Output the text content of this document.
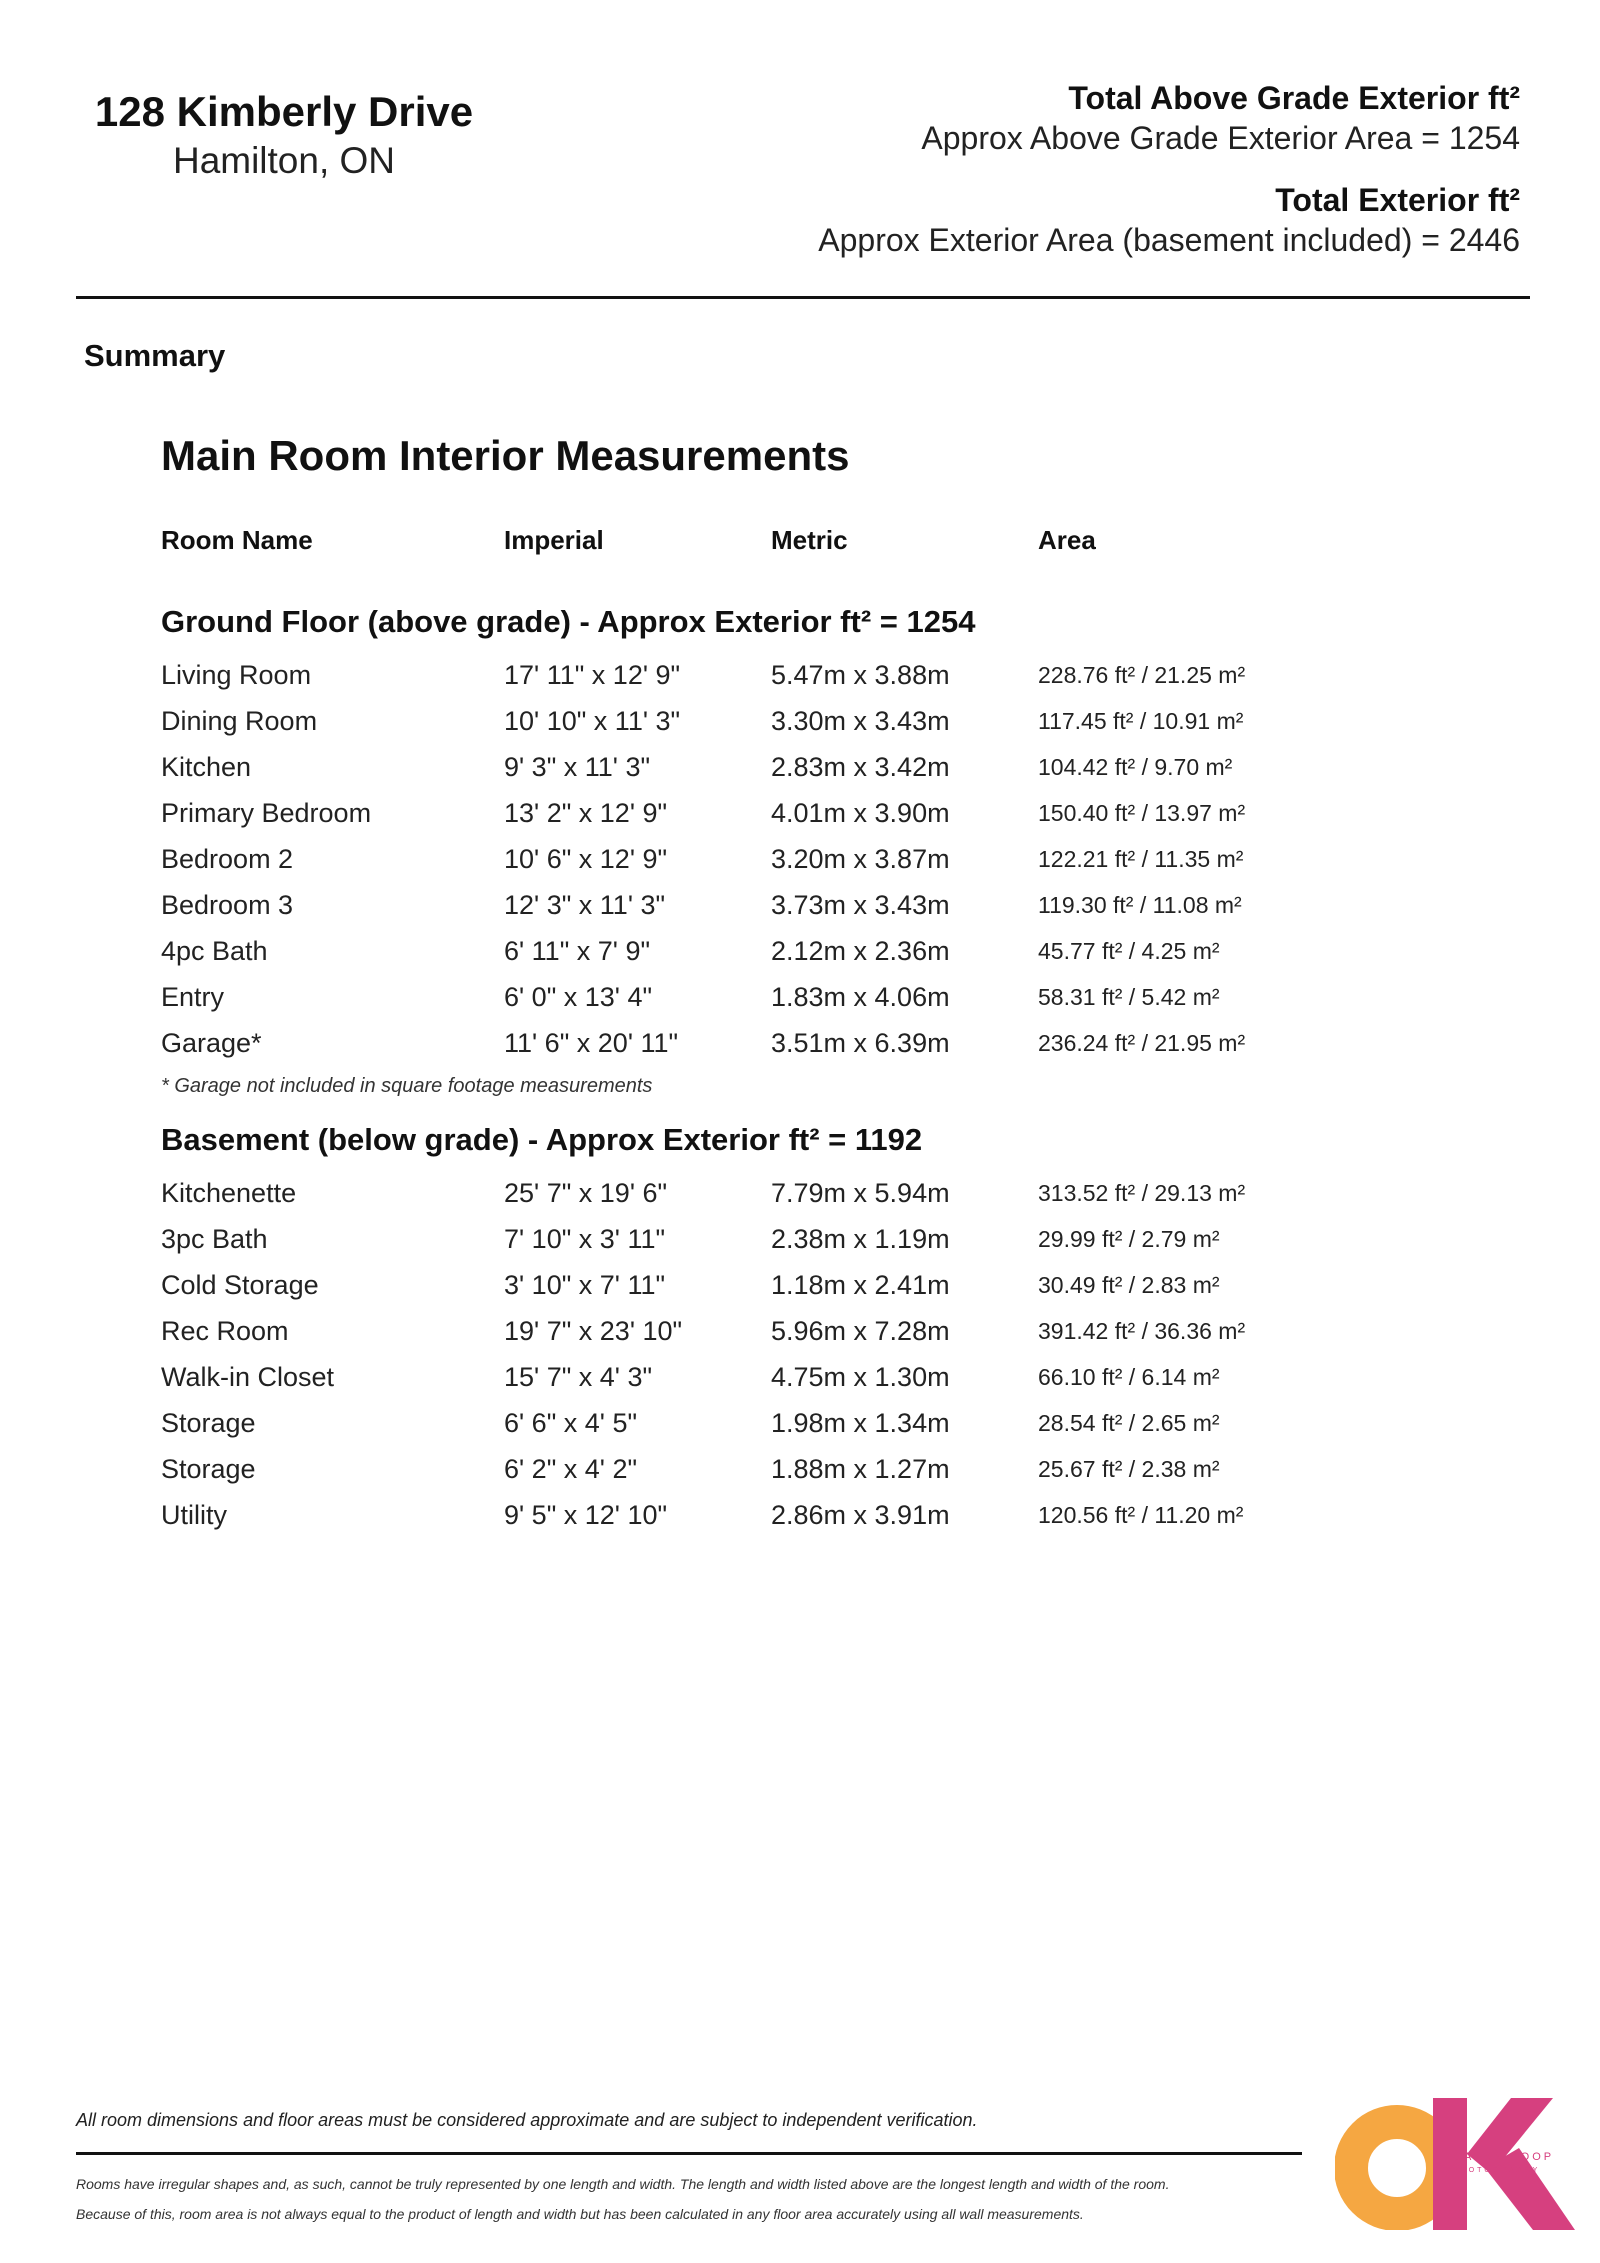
128 Kimberly Drive
Hamilton, ON
Total Above Grade Exterior ft²
Approx Above Grade Exterior Area = 1254
Total Exterior ft²
Approx Exterior Area (basement included) = 2446
Summary
Main Room Interior Measurements
Room Name	Imperial	Metric	Area
Ground Floor (above grade) - Approx Exterior ft² = 1254
Living Room	17' 11" x 12' 9"	5.47m x 3.88m	228.76 ft² / 21.25 m²
Dining Room	10' 10" x 11' 3"	3.30m x 3.43m	117.45 ft² / 10.91 m²
Kitchen	9' 3" x 11' 3"	2.83m x 3.42m	104.42 ft² / 9.70 m²
Primary Bedroom	13' 2" x 12' 9"	4.01m x 3.90m	150.40 ft² / 13.97 m²
Bedroom 2	10' 6" x 12' 9"	3.20m x 3.87m	122.21 ft² / 11.35 m²
Bedroom 3	12' 3" x 11' 3"	3.73m x 3.43m	119.30 ft² / 11.08 m²
4pc Bath	6' 11" x 7' 9"	2.12m x 2.36m	45.77 ft² / 4.25 m²
Entry	6' 0" x 13' 4"	1.83m x 4.06m	58.31 ft² / 5.42 m²
Garage*	11' 6" x 20' 11"	3.51m x 6.39m	236.24 ft² / 21.95 m²
* Garage not included in square footage measurements
Basement (below grade) - Approx Exterior ft² = 1192
Kitchenette	25' 7" x 19' 6"	7.79m x 5.94m	313.52 ft² / 29.13 m²
3pc Bath	7' 10" x 3' 11"	2.38m x 1.19m	29.99 ft² / 2.79 m²
Cold Storage	3' 10" x 7' 11"	1.18m x 2.41m	30.49 ft² / 2.83 m²
Rec Room	19' 7" x 23' 10"	5.96m x 7.28m	391.42 ft² / 36.36 m²
Walk-in Closet	15' 7" x 4' 3"	4.75m x 1.30m	66.10 ft² / 6.14 m²
Storage	6' 6" x 4' 5"	1.98m x 1.34m	28.54 ft² / 2.65 m²
Storage	6' 2" x 4' 2"	1.88m x 1.27m	25.67 ft² / 2.38 m²
Utility	9' 5" x 12' 10"	2.86m x 3.91m	120.56 ft² / 11.20 m²
All room dimensions and floor areas must be considered approximate and are subject to independent verification.
Rooms have irregular shapes and, as such, cannot be truly represented by one length and width. The length and width listed above are the longest length and width of the room.
Because of this, room area is not always equal to the product of length and width but has been calculated in any floor area accurately using all wall measurements.
CATHY KOOP
PHOTOGRAPHY
